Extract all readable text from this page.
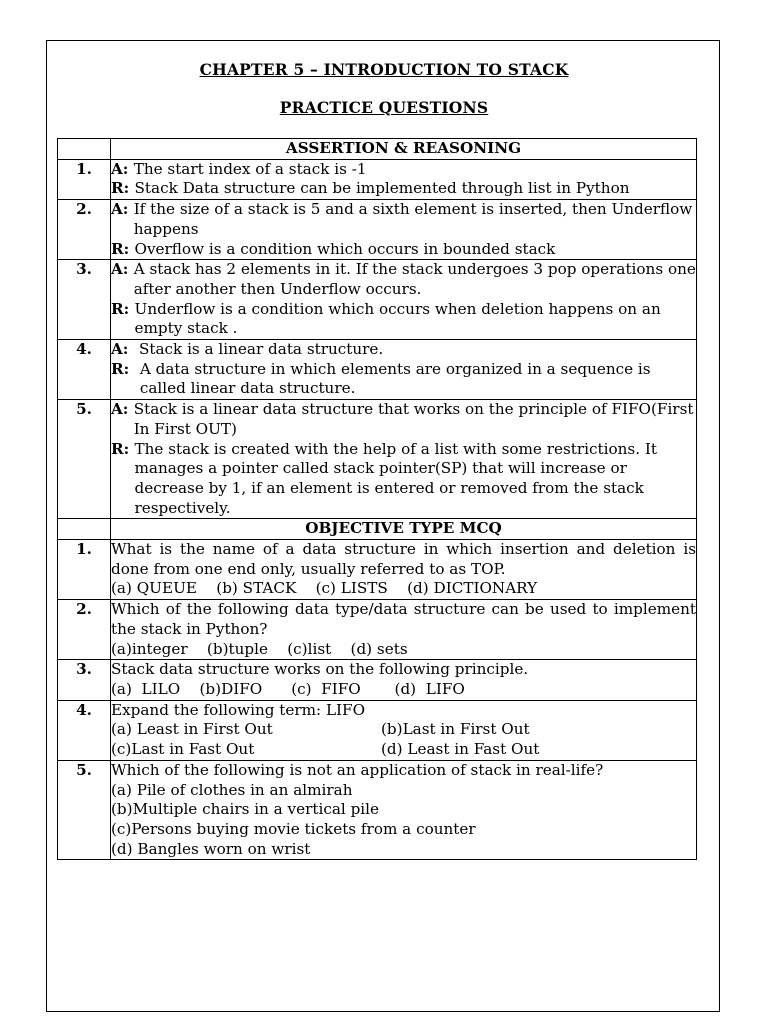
CHAPTER 5 – INTRODUCTION TO STACK
PRACTICE QUESTIONS
	ASSERTION & REASONING
1.	A: The start index of a stack is -1
R: Stack Data structure can be implemented through list in Python

2.	A: If the size of a stack is 5 and a sixth element is inserted, then Underflow happens
R: Overflow is a condition which occurs in bounded stack

3.	A: A stack has 2 elements in it. If the stack undergoes 3 pop operations one after another then Underflow occurs.
R: Underflow is a condition which occurs when deletion happens on an empty stack .

4.	A: Stack is a linear data structure.
R: A data structure in which elements are organized in a sequence is called linear data structure.

5.	A: Stack is a linear data structure that works on the principle of FIFO(First In First OUT)
R: The stack is created with the help of a list with some restrictions. It manages a pointer called stack pointer(SP) that will increase or decrease by 1, if an element is entered or removed from the stack respectively.

	OBJECTIVE TYPE MCQ
1.	What is the name of a data structure in which insertion and deletion is done from one end only, usually referred to as TOP.
(a) QUEUE    (b) STACK    (c) LISTS    (d) DICTIONARY

2.	Which of the following data type/data structure can be used to implement the stack in Python?
(a)integer    (b)tuple    (c)list    (d) sets

3.	Stack data structure works on the following principle.
(a)  LILO    (b)DIFO      (c)  FIFO       (d)  LIFO

4.	Expand the following term: LIFO
(a) Least in First Out (b)Last in First Out
(c)Last in Fast Out (d) Least in Fast Out

5.	Which of the following is not an application of stack in real-life?
(a) Pile of clothes in an almirah
(b)Multiple chairs in a vertical pile
(c)Persons buying movie tickets from a counter
(d) Bangles worn on wrist
